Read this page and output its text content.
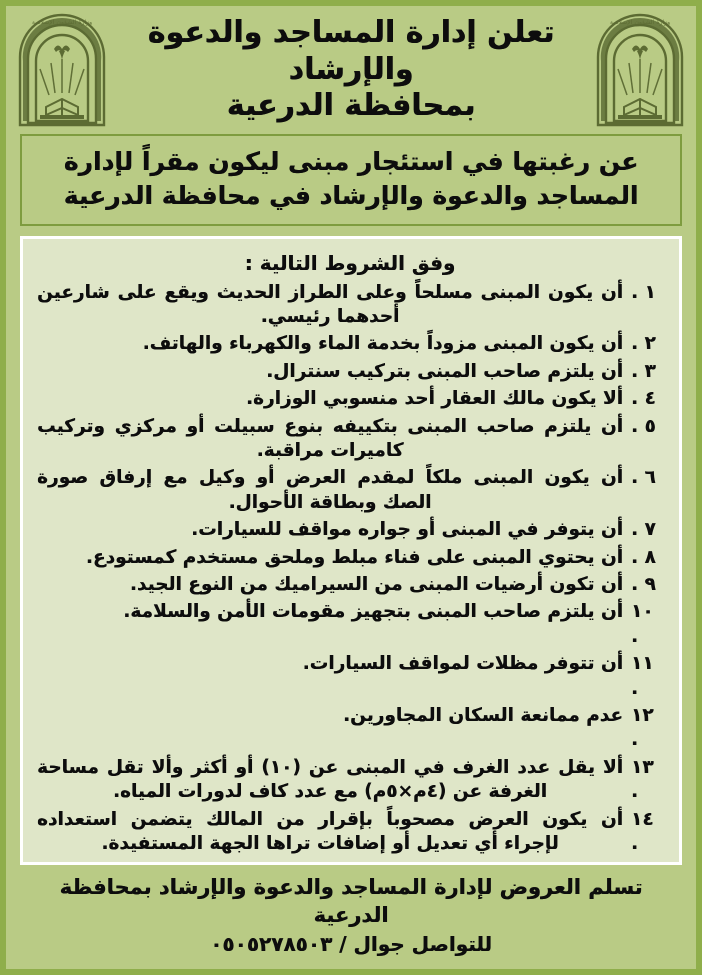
وزارة الشؤون الإسلامية
تعلن إدارة المساجد والدعوة والإرشاد
بمحافظة الدرعية
وزارة الشؤون الإسلامية
عن رغبتها في استئجار مبنى ليكون مقراً لإدارة المساجد والدعوة والإرشاد في محافظة الدرعية
وفق الشروط التالية :
١ .
أن يكون المبنى مسلحاً وعلى الطراز الحديث ويقع على شارعين أحدهما رئيسي.
٢ .
أن يكون المبنى مزوداً بخدمة الماء والكهرباء والهاتف.
٣ .
أن يلتزم صاحب المبنى بتركيب سنترال.
٤ .
ألا يكون مالك العقار أحد منسوبي الوزارة.
٥ .
أن يلتزم صاحب المبنى بتكييفه بنوع سبيلت أو مركزي وتركيب كاميرات مراقبة.
٦ .
أن يكون المبنى ملكاً لمقدم العرض أو وكيل مع إرفاق صورة الصك وبطاقة الأحوال.
٧ .
أن يتوفر في المبنى أو جواره مواقف للسيارات.
٨ .
أن يحتوي المبنى على فناء مبلط وملحق مستخدم كمستودع.
٩ .
أن تكون أرضيات المبنى من السيراميك من النوع الجيد.
١٠ .
أن يلتزم صاحب المبنى بتجهيز مقومات الأمن والسلامة.
١١ .
أن تتوفر مظلات لمواقف السيارات.
١٢ .
عدم ممانعة السكان المجاورين.
١٣ .
ألا يقل عدد الغرف في المبنى عن (١٠) أو أكثر وألا تقل مساحة الغرفة عن (٤م×٥م) مع عدد كاف لدورات المياه.
١٤ .
أن يكون العرض مصحوباً بإقرار من المالك يتضمن استعداده لإجراء أي تعديل أو إضافات تراها الجهة المستفيدة.
تسلم العروض لإدارة المساجد والدعوة والإرشاد بمحافظة الدرعية
للتواصل جوال / ٠٥٠٥٢٧٨٥٠٣
